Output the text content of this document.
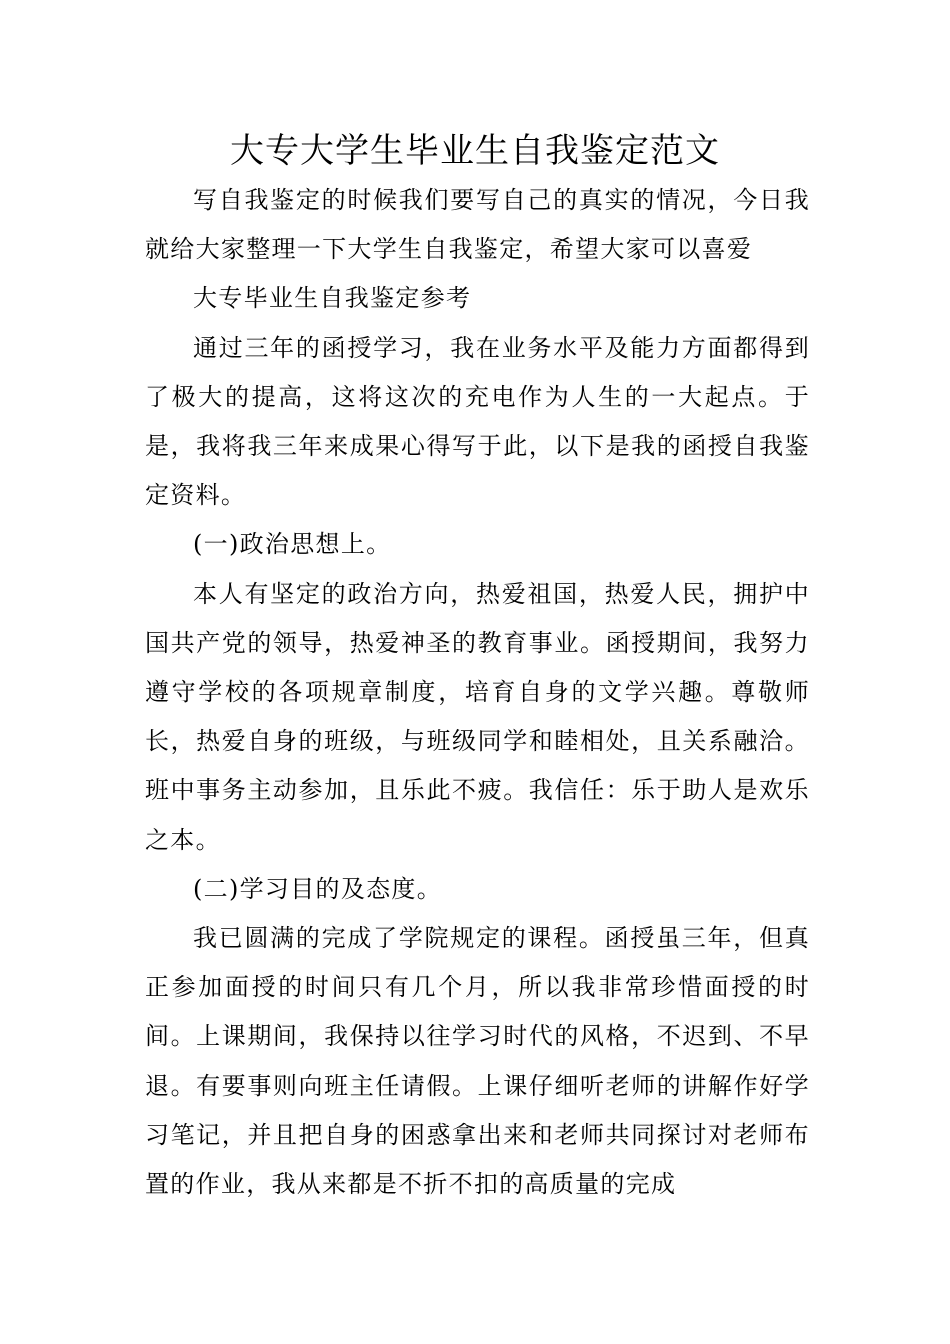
大专大学生毕业生自我鉴定范文

写自我鉴定的时候我们要写自己的真实的情况，今日我就给大家整理一下大学生自我鉴定，希望大家可以喜爱

大专毕业生自我鉴定参考

通过三年的函授学习，我在业务水平及能力方面都得到了极大的提高，这将这次的充电作为人生的一大起点。于是，我将我三年来成果心得写于此，以下是我的函授自我鉴定资料。

(一)政治思想上。

本人有坚定的政治方向，热爱祖国，热爱人民，拥护中国共产党的领导，热爱神圣的教育事业。函授期间，我努力遵守学校的各项规章制度，培育自身的文学兴趣。尊敬师长，热爱自身的班级，与班级同学和睦相处，且关系融洽。班中事务主动参加，且乐此不疲。我信任：乐于助人是欢乐之本。

(二)学习目的及态度。

我已圆满的完成了学院规定的课程。函授虽三年，但真正参加面授的时间只有几个月，所以我非常珍惜面授的时间。上课期间，我保持以往学习时代的风格，不迟到、不早退。有要事则向班主任请假。上课仔细听老师的讲解作好学习笔记，并且把自身的困惑拿出来和老师共同探讨对老师布置的作业，我从来都是不折不扣的高质量的完成
